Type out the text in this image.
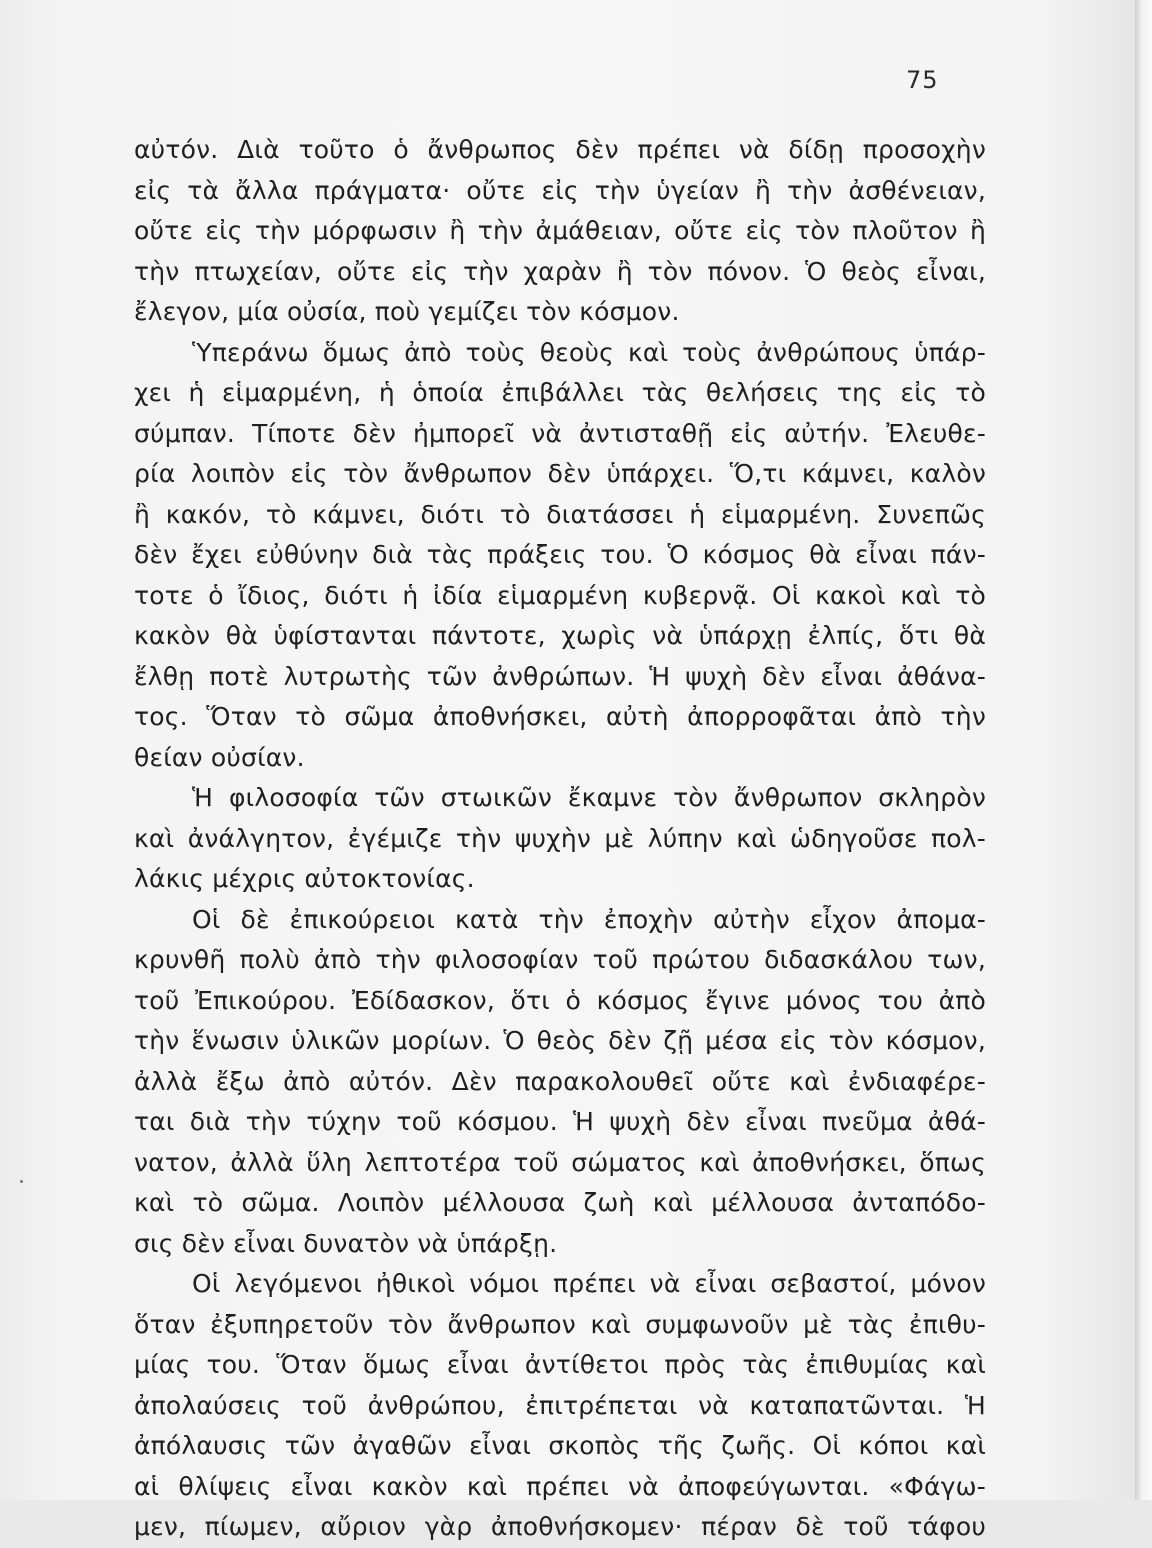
75
αὐτόν. Διὰ τοῦτο ὁ ἄνθρωπος δὲν πρέπει νὰ δίδῃ προσοχὴν
εἰς τὰ ἄλλα πράγματα· οὔτε εἰς τὴν ὑγείαν ἢ τὴν ἀσθένειαν,
οὔτε εἰς τὴν μόρφωσιν ἢ τὴν ἀμάθειαν, οὔτε εἰς τὸν πλοῦτον ἢ
τὴν πτωχείαν, οὔτε εἰς τὴν χαρὰν ἢ τὸν πόνον. Ὁ θεὸς εἶναι,
ἔλεγον, μία οὐσία, ποὺ γεμίζει τὸν κόσμον.
Ὑπεράνω ὅμως ἀπὸ τοὺς θεοὺς καὶ τοὺς ἀνθρώπους ὑπάρ-
χει ἡ εἱμαρμένη, ἡ ὁποία ἐπιβάλλει τὰς θελήσεις της εἰς τὸ
σύμπαν. Τίποτε δὲν ἠμπορεῖ νὰ ἀντισταθῇ εἰς αὐτήν. Ἐλευθε-
ρία λοιπὸν εἰς τὸν ἄνθρωπον δὲν ὑπάρχει. Ὅ,τι κάμνει, καλὸν
ἢ κακόν, τὸ κάμνει, διότι τὸ διατάσσει ἡ εἱμαρμένη. Συνεπῶς
δὲν ἔχει εὐθύνην διὰ τὰς πράξεις του. Ὁ κόσμος θὰ εἶναι πάν-
τοτε ὁ ἴδιος, διότι ἡ ἰδία εἱμαρμένη κυβερνᾷ. Οἱ κακοὶ καὶ τὸ
κακὸν θὰ ὑφίστανται πάντοτε, χωρὶς νὰ ὑπάρχῃ ἐλπίς, ὅτι θὰ
ἔλθῃ ποτὲ λυτρωτὴς τῶν ἀνθρώπων. Ἡ ψυχὴ δὲν εἶναι ἀθάνα-
τος. Ὅταν τὸ σῶμα ἀποθνήσκει, αὐτὴ ἀπορροφᾶται ἀπὸ τὴν
θείαν οὐσίαν.
Ἡ φιλοσοφία τῶν στωικῶν ἔκαμνε τὸν ἄνθρωπον σκληρὸν
καὶ ἀνάλγητον, ἐγέμιζε τὴν ψυχὴν μὲ λύπην καὶ ὡδηγοῦσε πολ-
λάκις μέχρις αὐτοκτονίας.
Οἱ δὲ ἐπικούρειοι κατὰ τὴν ἐποχὴν αὐτὴν εἶχον ἀπομα-
κρυνθῆ πολὺ ἀπὸ τὴν φιλοσοφίαν τοῦ πρώτου διδασκάλου των,
τοῦ Ἐπικούρου. Ἐδίδασκον, ὅτι ὁ κόσμος ἔγινε μόνος του ἀπὸ
τὴν ἕνωσιν ὑλικῶν μορίων. Ὁ θεὸς δὲν ζῇ μέσα εἰς τὸν κόσμον,
ἀλλὰ ἔξω ἀπὸ αὐτόν. Δὲν παρακολουθεῖ οὔτε καὶ ἐνδιαφέρε-
ται διὰ τὴν τύχην τοῦ κόσμου. Ἡ ψυχὴ δὲν εἶναι πνεῦμα ἀθά-
νατον, ἀλλὰ ὕλη λεπτοτέρα τοῦ σώματος καὶ ἀποθνήσκει, ὅπως
καὶ τὸ σῶμα. Λοιπὸν μέλλουσα ζωὴ καὶ μέλλουσα ἀνταπόδο-
σις δὲν εἶναι δυνατὸν νὰ ὑπάρξῃ.
Οἱ λεγόμενοι ἠθικοὶ νόμοι πρέπει νὰ εἶναι σεβαστοί, μόνον
ὅταν ἐξυπηρετοῦν τὸν ἄνθρωπον καὶ συμφωνοῦν μὲ τὰς ἐπιθυ-
μίας του. Ὅταν ὅμως εἶναι ἀντίθετοι πρὸς τὰς ἐπιθυμίας καὶ
ἀπολαύσεις τοῦ ἀνθρώπου, ἐπιτρέπεται νὰ καταπατῶνται. Ἡ
ἀπόλαυσις τῶν ἀγαθῶν εἶναι σκοπὸς τῆς ζωῆς. Οἱ κόποι καὶ
αἱ θλίψεις εἶναι κακὸν καὶ πρέπει νὰ ἀποφεύγωνται. «Φάγω-
μεν, πίωμεν, αὔριον γὰρ ἀποθνήσκομεν· πέραν δὲ τοῦ τάφου
